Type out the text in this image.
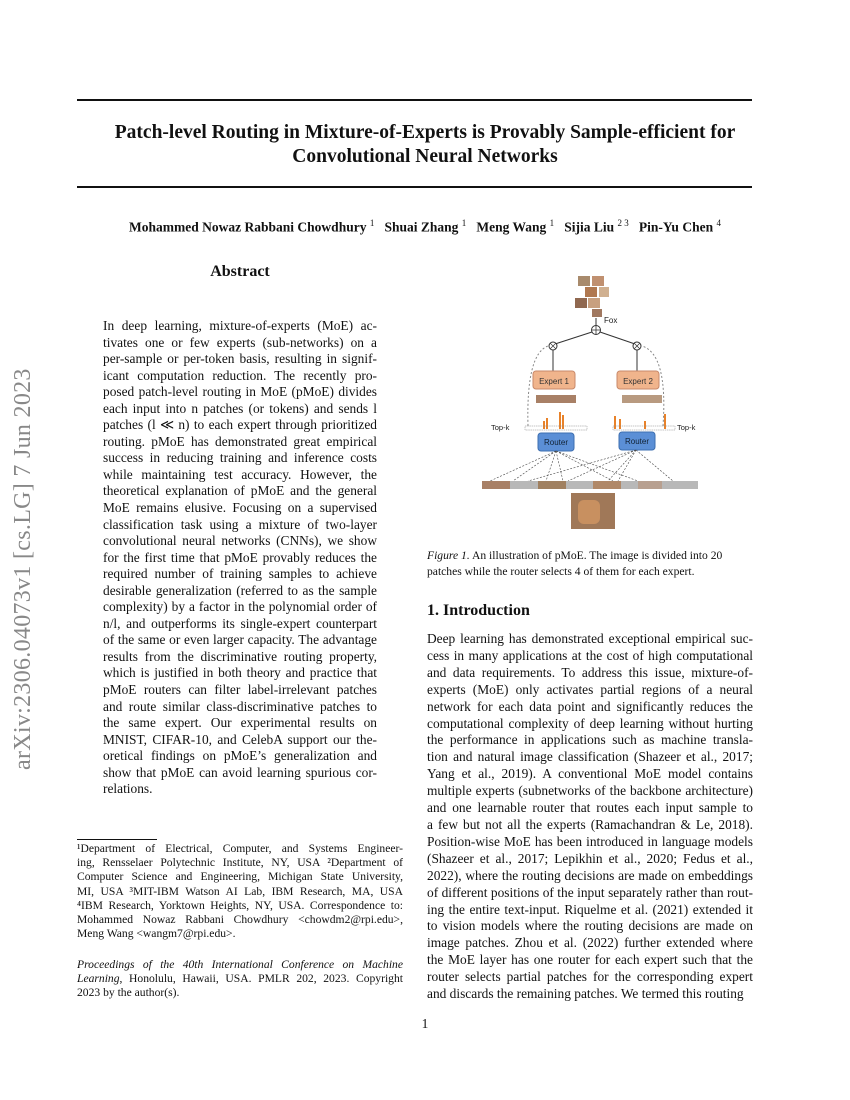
arXiv:2306.04073v1 [cs.LG] 7 Jun 2023
Patch-level Routing in Mixture-of-Experts is Provably Sample-efficient for
Convolutional Neural Networks
Mohammed Nowaz Rabbani Chowdhury $^1$ Shuai Zhang $^1$ Meng Wang $^1$ Sijia Liu $^{2 3}$ Pin-Yu Chen $^4$
Abstract
In deep learning, mixture-of-experts (MoE) ac-
tivates one or few experts (sub-networks) on a
per-sample or per-token basis, resulting in signif-
icant computation reduction. The recently pro-
posed patch-level routing in MoE (pMoE) divides
each input into n patches (or tokens) and sends l
patches (l ≪ n) to each expert through prioritized
routing. pMoE has demonstrated great empirical
success in reducing training and inference costs
while maintaining test accuracy. However, the
theoretical explanation of pMoE and the general
MoE remains elusive. Focusing on a supervised
classification task using a mixture of two-layer
convolutional neural networks (CNNs), we show
for the first time that pMoE provably reduces the
required number of training samples to achieve
desirable generalization (referred to as the sample
complexity) by a factor in the polynomial order of
n/l, and outperforms its single-expert counterpart
of the same or even larger capacity. The advantage
results from the discriminative routing property,
which is justified in both theory and practice that
pMoE routers can filter label-irrelevant patches
and route similar class-discriminative patches to
the same expert. Our experimental results on
MNIST, CIFAR-10, and CelebA support our the-
oretical findings on pMoE’s generalization and
show that pMoE can avoid learning spurious cor-
relations.
¹Department of Electrical, Computer, and Systems Engineer-
ing, Rensselaer Polytechnic Institute, NY, USA ²Department of
Computer Science and Engineering, Michigan State University,
MI, USA ³MIT-IBM Watson AI Lab, IBM Research, MA, USA
⁴IBM Research, Yorktown Heights, NY, USA. Correspondence to:
Mohammed Nowaz Rabbani Chowdhury <chowdm2@rpi.edu>,
Meng Wang <wangm7@rpi.edu>.
Proceedings of the 40th International Conference on Machine
Learning, Honolulu, Hawaii, USA. PMLR 202, 2023. Copyright
2023 by the author(s).
Fox
Expert 1	Expert 2
Top-k	Top-k
Router	Router
Figure 1. An illustration of pMoE. The image is divided into 20
patches while the router selects 4 of them for each expert.
1. Introduction
Deep learning has demonstrated exceptional empirical suc-
cess in many applications at the cost of high computational
and data requirements. To address this issue, mixture-of-
experts (MoE) only activates partial regions of a neural
network for each data point and significantly reduces the
computational complexity of deep learning without hurting
the performance in applications such as machine transla-
tion and natural image classification (Shazeer et al., 2017;
Yang et al., 2019). A conventional MoE model contains
multiple experts (subnetworks of the backbone architecture)
and one learnable router that routes each input sample to
a few but not all the experts (Ramachandran & Le, 2018).
Position-wise MoE has been introduced in language models
(Shazeer et al., 2017; Lepikhin et al., 2020; Fedus et al.,
2022), where the routing decisions are made on embeddings
of different positions of the input separately rather than rout-
ing the entire text-input. Riquelme et al. (2021) extended it
to vision models where the routing decisions are made on
image patches. Zhou et al. (2022) further extended where
the MoE layer has one router for each expert such that the
router selects partial patches for the corresponding expert
and discards the remaining patches. We termed this routing
1
